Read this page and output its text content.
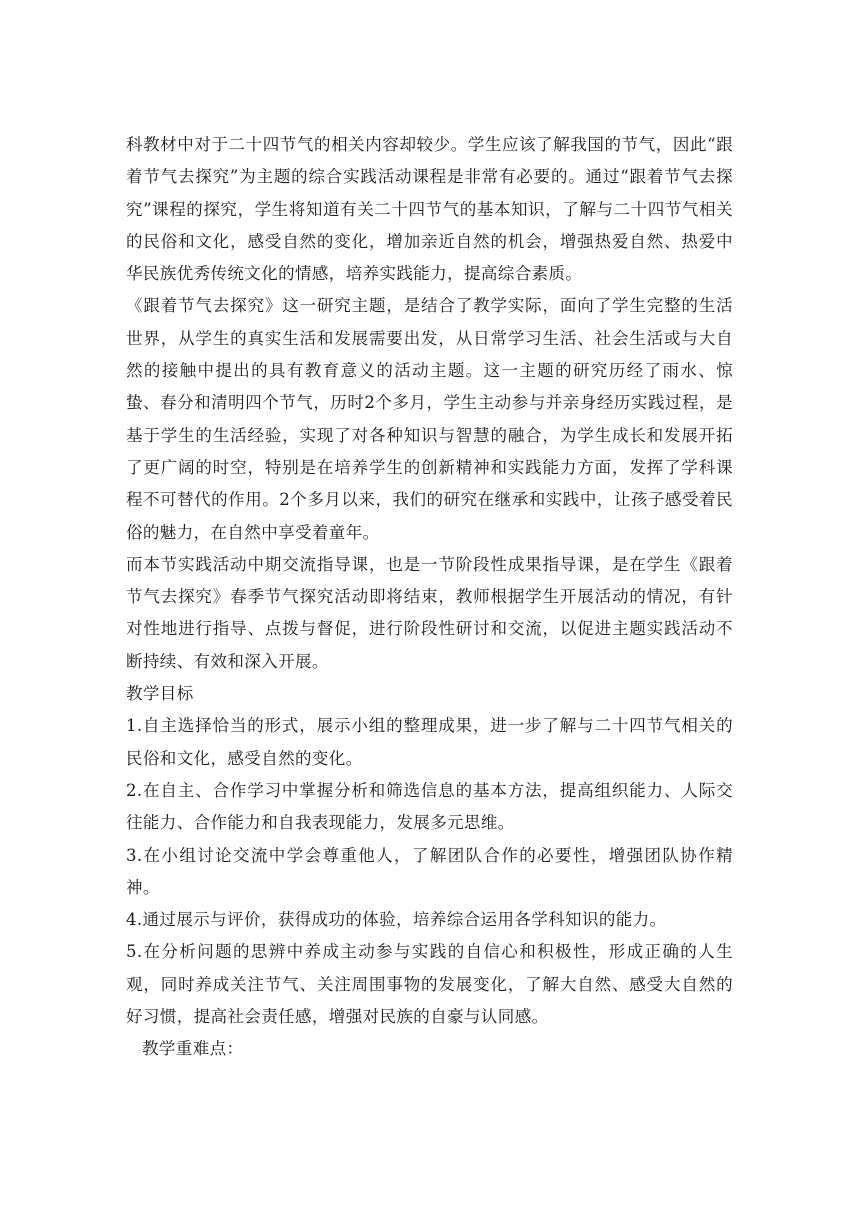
科教材中对于二十四节气的相关内容却较少。学生应该了解我国的节气，因此“跟着节气去探究”为主题的综合实践活动课程是非常有必要的。通过“跟着节气去探究”课程的探究，学生将知道有关二十四节气的基本知识，了解与二十四节气相关的民俗和文化，感受自然的变化，增加亲近自然的机会，增强热爱自然、热爱中华民族优秀传统文化的情感，培养实践能力，提高综合素质。

《跟着节气去探究》这一研究主题，是结合了教学实际，面向了学生完整的生活世界，从学生的真实生活和发展需要出发，从日常学习生活、社会生活或与大自然的接触中提出的具有教育意义的活动主题。这一主题的研究历经了雨水、惊蛰、春分和清明四个节气，历时2个多月，学生主动参与并亲身经历实践过程，是基于学生的生活经验，实现了对各种知识与智慧的融合，为学生成长和发展开拓了更广阔的时空，特别是在培养学生的创新精神和实践能力方面，发挥了学科课程不可替代的作用。2个多月以来，我们的研究在继承和实践中，让孩子感受着民俗的魅力，在自然中享受着童年。

而本节实践活动中期交流指导课，也是一节阶段性成果指导课，是在学生《跟着节气去探究》春季节气探究活动即将结束，教师根据学生开展活动的情况，有针对性地进行指导、点拨与督促，进行阶段性研讨和交流，以促进主题实践活动不断持续、有效和深入开展。

教学目标

1.自主选择恰当的形式，展示小组的整理成果，进一步了解与二十四节气相关的民俗和文化，感受自然的变化。

2.在自主、合作学习中掌握分析和筛选信息的基本方法，提高组织能力、人际交往能力、合作能力和自我表现能力，发展多元思维。

3.在小组讨论交流中学会尊重他人，了解团队合作的必要性，增强团队协作精神。

4.通过展示与评价，获得成功的体验，培养综合运用各学科知识的能力。

5.在分析问题的思辨中养成主动参与实践的自信心和积极性，形成正确的人生观，同时养成关注节气、关注周围事物的发展变化，了解大自然、感受大自然的好习惯，提高社会责任感，增强对民族的自豪与认同感。

教学重难点：
